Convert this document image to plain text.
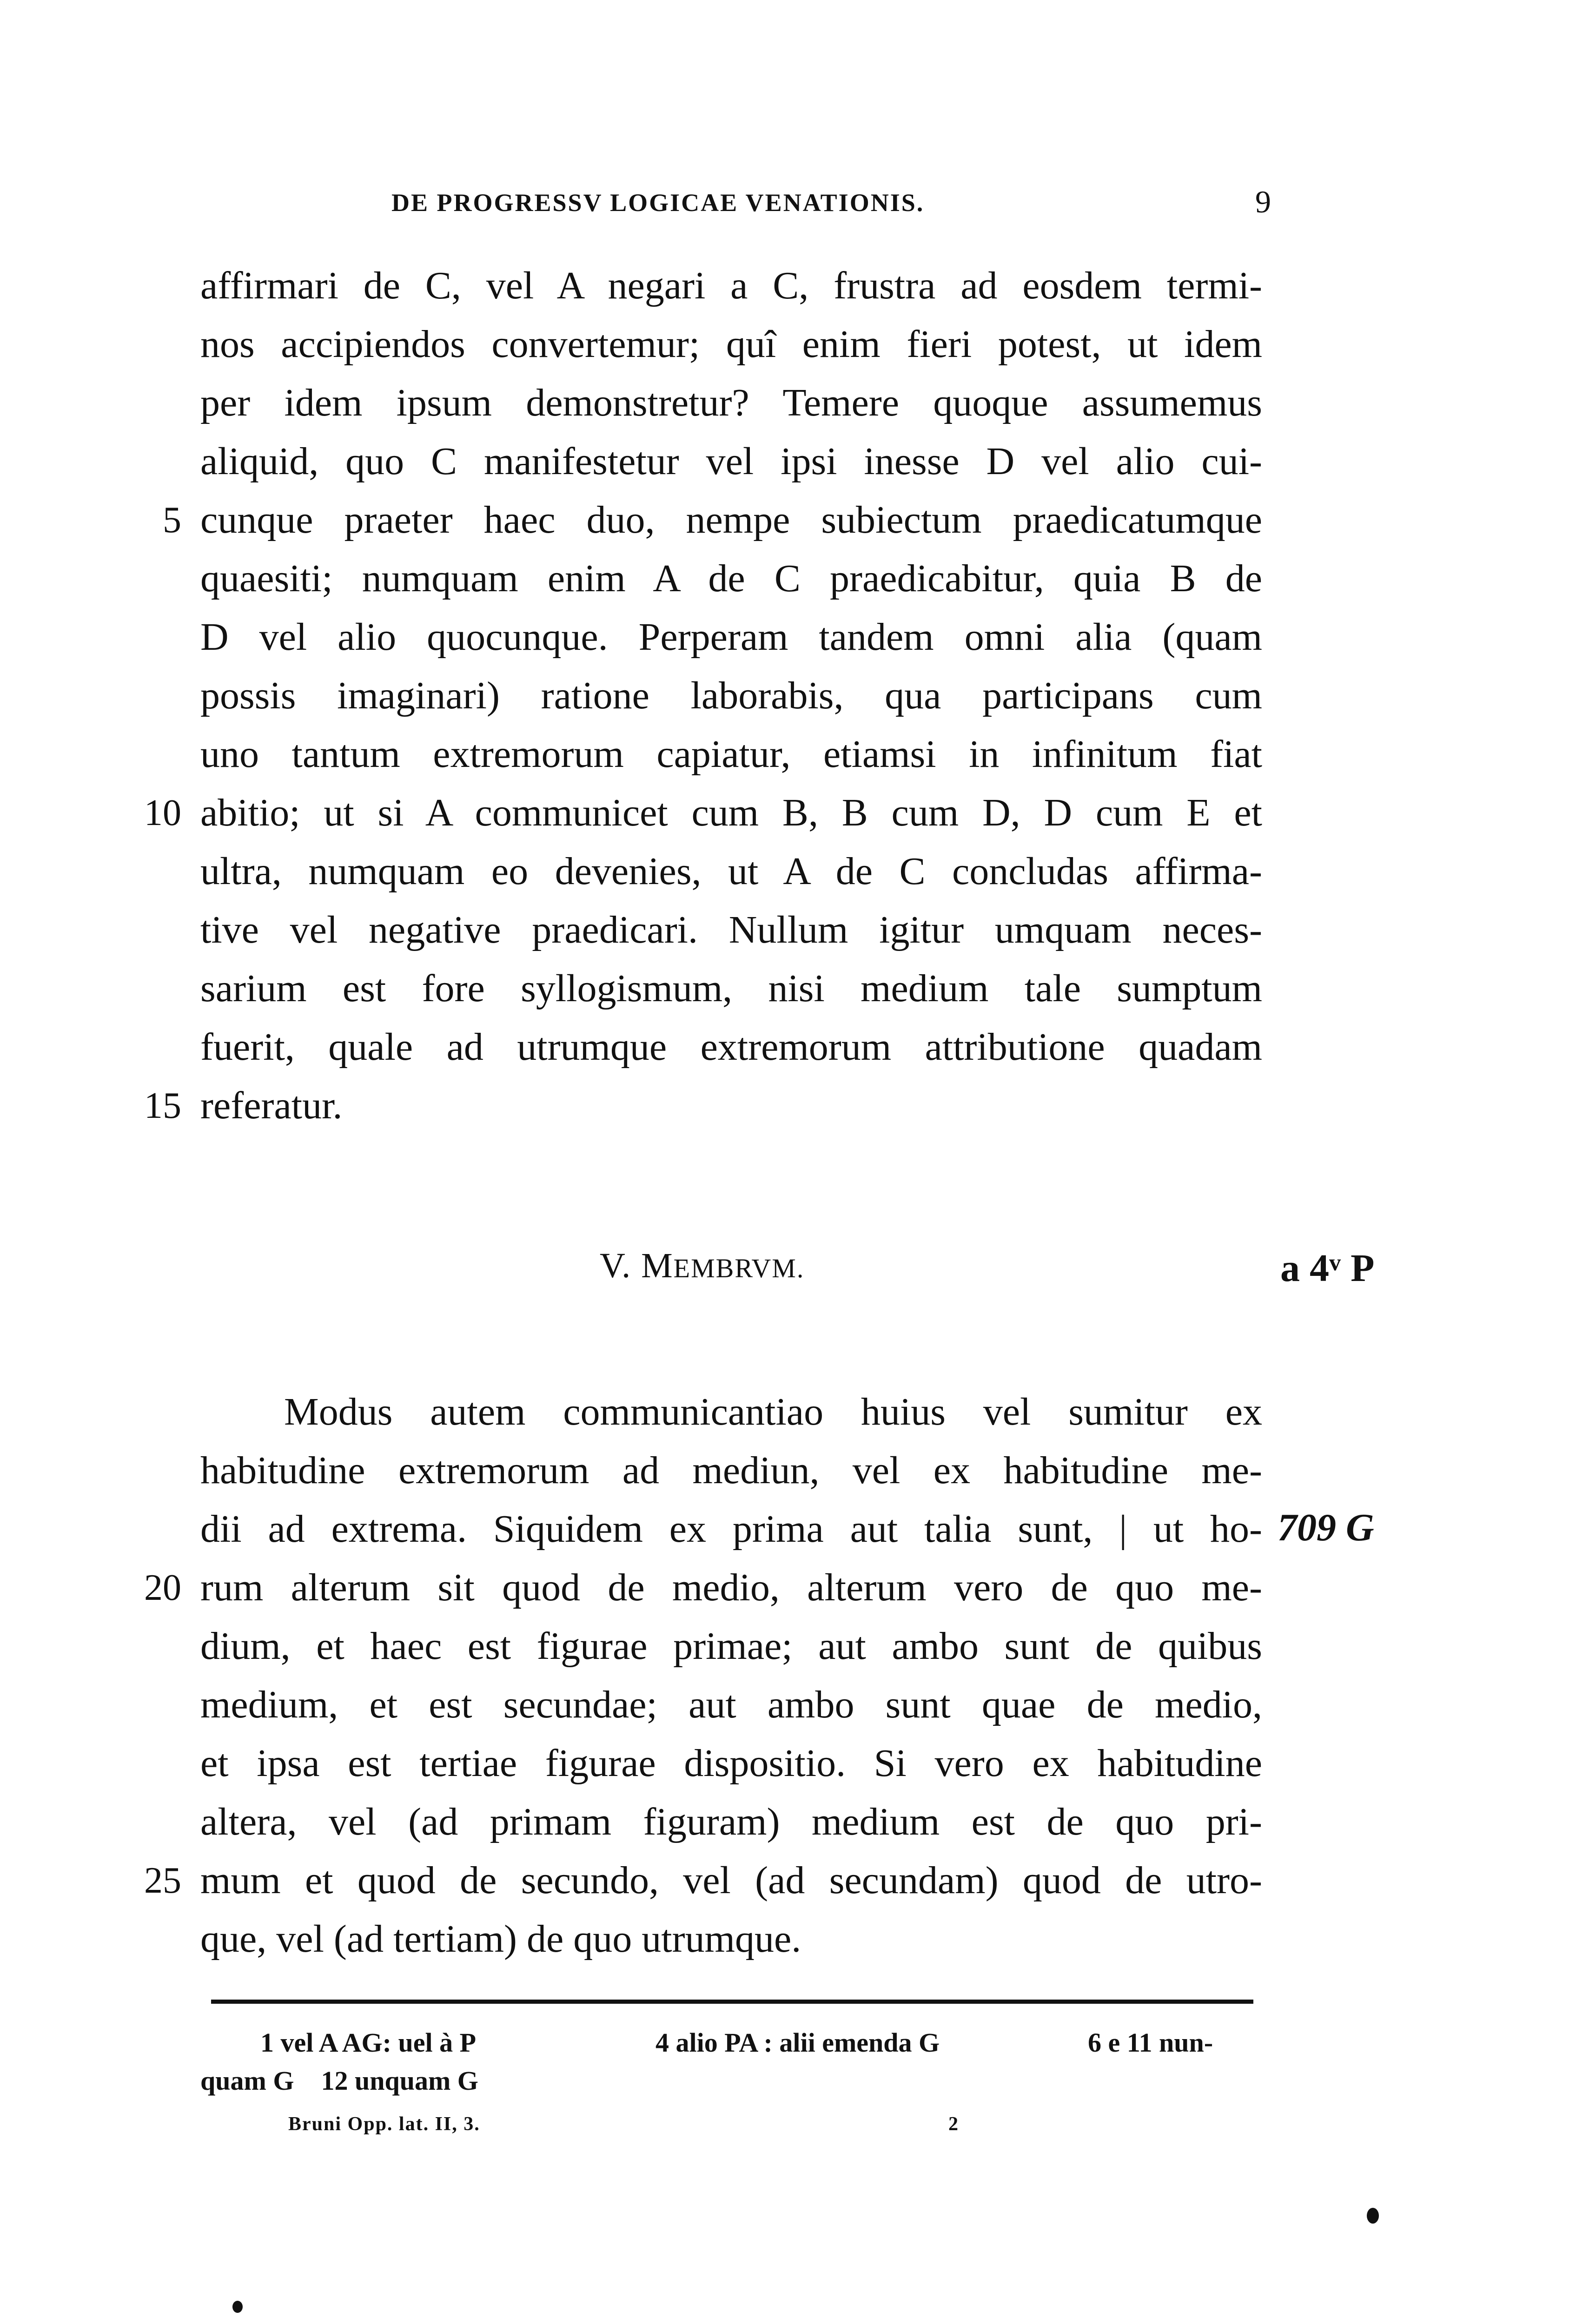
DE PROGRESSV LOGICAE VENATIONIS.	9
affirmari de C, vel A negari a C, frustra ad eosdem termi-
nos accipiendos convertemur; quî enim fieri potest, ut idem
per idem ipsum demonstretur? Temere quoque assumemus
aliquid, quo C manifestetur vel ipsi inesse D vel alio cui-
cunque praeter haec duo, nempe subiectum praedicatumque
quaesiti; numquam enim A de C praedicabitur, quia B de
D vel alio quocunque. Perperam tandem omni alia (quam
possis imaginari) ratione laborabis, qua participans cum
uno tantum extremorum capiatur, etiamsi in infinitum fiat
abitio; ut si A communicet cum B, B cum D, D cum E et
ultra, numquam eo devenies, ut A de C concludas affirma-
tive vel negative praedicari. Nullum igitur umquam neces-
sarium est fore syllogismum, nisi medium tale sumptum
fuerit, quale ad utrumque extremorum attributione quadam
referatur.
V. MEMBRVM.	a 4ᵛ P
Modus autem communicantiao huius vel sumitur ex
habitudine extremorum ad mediun, vel ex habitudine me-
dii ad extrema. Siquidem ex prima aut talia sunt, | ut ho-
rum alterum sit quod de medio, alterum vero de quo me-
dium, et haec est figurae primae; aut ambo sunt de quibus
medium, et est secundae; aut ambo sunt quae de medio,
et ipsa est tertiae figurae dispositio. Si vero ex habitudine
altera, vel (ad primam figuram) medium est de quo pri-
mum et quod de secundo, vel (ad secundam) quod de utro-
que, vel (ad tertiam) de quo utrumque.
709 G
5
10
15
20
25
1 vel A AG: uel à P	4 alio PA : alii emenda G	6 e 11 nun-
quam G    12 unquam G
Bruni Opp. lat. II, 3.	2
